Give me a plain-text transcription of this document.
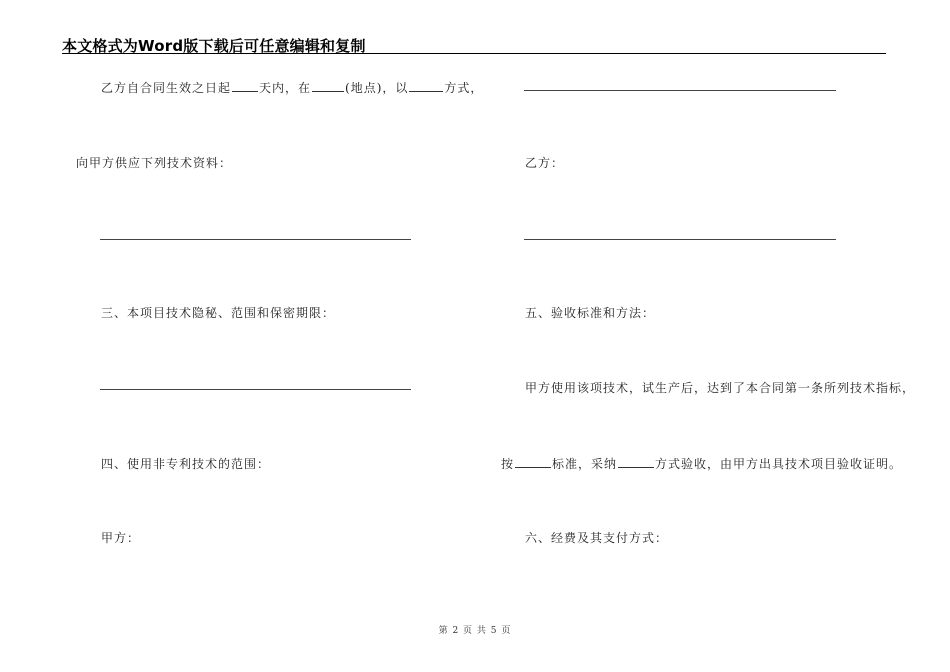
本文格式为Word版下载后可任意编辑和复制
乙方自合同生效之日起 天内，在	(地点)，以	方式，
向甲方供应下列技术资料：
三、本项目技术隐秘、范围和保密期限：
四、使用非专利技术的范围：
甲方：
乙方：
五、验收标准和方法：
甲方使用该项技术，试生产后，达到了本合同第一条所列技术指标，
按	标准，采纳	方式验收，由甲方出具技术项目验收证明。
六、经费及其支付方式：
第 2 页 共 5 页
